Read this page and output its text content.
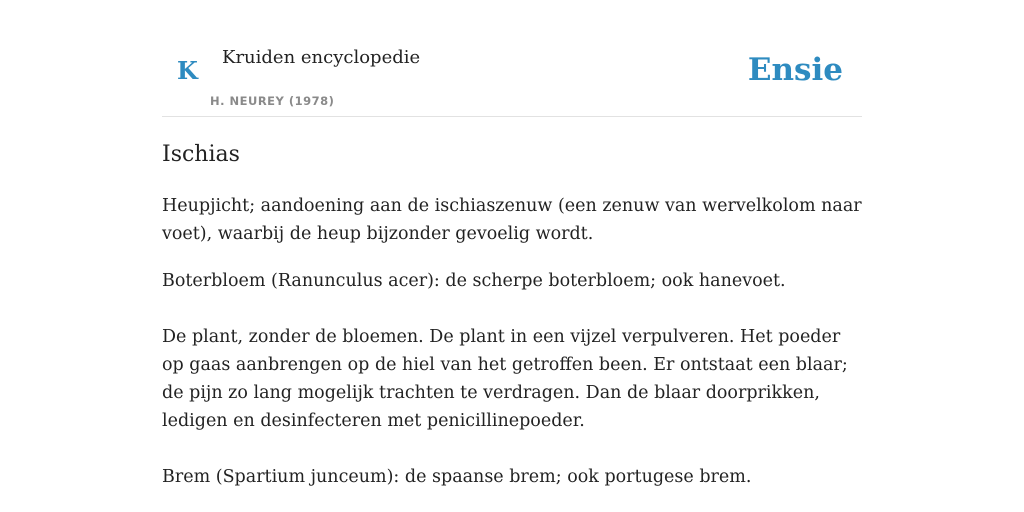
K Kruiden encyclopedie
H. NEUREY (1978)
Ensie
Ischias

Heupjicht; aandoening aan de ischiaszenuw (een zenuw van wervelkolom naar voet), waarbij de heup bijzonder gevoelig wordt.

Boterbloem (Ranunculus acer): de scherpe boterbloem; ook hanevoet.

De plant, zonder de bloemen. De plant in een vijzel verpulveren. Het poeder op gaas aanbrengen op de hiel van het getroffen been. Er ontstaat een blaar; de pijn zo lang mogelijk trachten te verdragen. Dan de blaar doorprikken, ledigen en desinfecteren met penicillinepoeder.

Brem (Spartium junceum): de spaanse brem; ook portugese brem.
